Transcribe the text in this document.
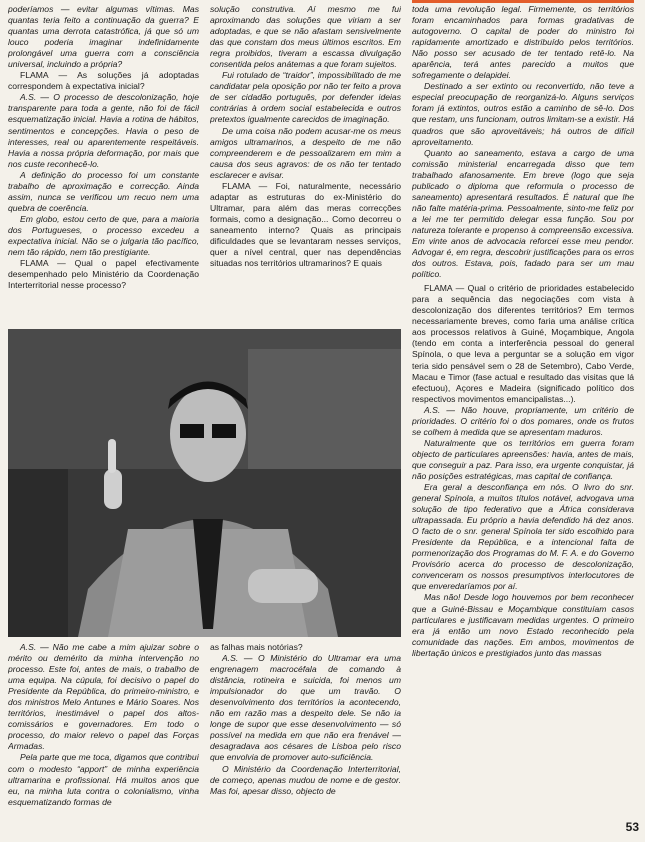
poderíamos — evitar algumas vítimas. Mas quantas teria feito a continuação da guerra? E quantas uma derrota catastrófica, já que só um louco poderia imaginar indefinidamente prolongável uma guerra com a consciência universal, incluindo a própria?

FLAMA — As soluções já adoptadas correspondem à expectativa inicial?

A.S. — O processo de descolonização, hoje transparente para toda a gente, não foi de fácil esquematização inicial. Havia a rotina de hábitos, sentimentos e concepções. Havia o peso de interesses, real ou aparentemente respeitáveis. Havia a nossa própria deformação, por mais que nos custe reconhecê-lo.

A definição do processo foi um constante trabalho de aproximação e correcção. Ainda assim, nunca se verificou um recuo nem uma quebra de coerência.

Em globo, estou certo de que, para a maioria dos Portugueses, o processo excedeu a expectativa inicial. Não se o julgaria tão pacífico, nem tão rápido, nem tão prestigiante.

FLAMA — Qual o papel efectivamente desempenhado pelo Ministério da Coordenação Interterritorial nesse processo?

solução construtiva. Aí mesmo me fui aproximando das soluções que viriam a ser adoptadas, e que se não afastam sensivelmente das que constam dos meus últimos escritos. Em regra proibidos, tiveram a escassa divulgação consentida pelos anátemas a que foram sujeitos.

Fui rotulado de “traidor”, impossibilitado de me candidatar pela oposição por não ter feito a prova de ser cidadão português, por defender ideias contrárias à ordem social estabelecida e outros pretextos igualmente carecidos de imaginação.

De uma coisa não podem acusar-me os meus amigos ultramarinos, a despeito de me não compreenderem e de pessoalizarem em mim a causa dos seus agravos: de os não ter tentado esclarecer e avisar.

FLAMA — Foi, naturalmente, necessário adaptar as estruturas do ex-Ministério do Ultramar, para além das meras correcções formais, como a designação... Como decorreu o saneamento interno? Quais as principais dificuldades que se levantaram nesses serviços, quer a nível central, quer nas dependências situadas nos territórios ultramarinos? E quais

A.S. — Não me cabe a mim ajuizar sobre o mérito ou demérito da minha intervenção no processo. Este foi, antes de mais, o trabalho de uma equipa. Na cúpula, foi decisivo o papel do Presidente da República, do primeiro-ministro, e dos ministros Melo Antunes e Mário Soares. Nos territórios, inestimável o papel dos altos-comissários e governadores. Em todo o processo, do maior relevo o papel das Forças Armadas.

Pela parte que me toca, digamos que contribuí com o modesto “apport” de minha experiência ultramarina e profissional. Há muitos anos que eu, na minha luta contra o colonialismo, vinha esquematizando formas de

as falhas mais notórias?

A.S. — O Ministério do Ultramar era uma engrenagem macrocéfala de comando à distância, rotineira e suicida, foi menos um impulsionador do que um travão. O desenvolvimento dos territórios ia acontecendo, não em razão mas a despeito dele. Se não ia longe de supor que esse desenvolvimento — só possível na medida em que não era frenável — desagradava aos césares de Lisboa pelo risco que envolvia de promover auto-suficiência.

O Ministério da Coordenação Interterritorial, de começo, apenas mudou de nome e de gestor. Mas foi, apesar disso, objecto de

toda uma revolução legal. Firmemente, os territórios foram encaminhados para formas gradativas de autogoverno. O capital de poder do ministro foi rapidamente amortizado e distribuído pelos territórios. Não posso ser acusado de ter tentado retê-lo. Na aparência, terá antes parecido a muitos que sofregamente o delapidei.

Destinado a ser extinto ou reconvertido, não teve a especial preocupação de reorganizá-lo. Alguns serviços foram já extintos, outros estão a caminho de sê-lo. Dos que restam, uns funcionam, outros limitam-se a existir. Há quadros que são aproveitáveis; há outros de difícil aproveitamento.

Quanto ao saneamento, estava a cargo de uma comissão ministerial encarregada disso que tem trabalhado afanosamente. Em breve (logo que seja publicado o diploma que reformula o processo de saneamento) apresentará resultados. É natural que lhe não falte matéria-prima. Pessoalmente, sinto-me feliz por a lei me ter permitido delegar essa função. Sou por natureza tolerante e propenso à compreensão excessiva. Em vinte anos de advocacia reforcei esse meu pendor. Advogar é, em regra, descobrir justificações para os erros dos outros. Estava, pois, fadado para ser um mau político.

FLAMA — Qual o critério de prioridades estabelecido para a sequência das negociações com vista à descolonização dos diferentes territórios? Em termos necessariamente breves, como faria uma análise crítica aos processos relativos à Guiné, Moçambique, Angola (tendo em conta a interferência pessoal do general Spínola, o que leva a perguntar se a solução em vigor teria sido pensável sem o 28 de Setembro), Cabo Verde, Macau e Timor (fase actual e resultado das visitas que lá efectuou), Açores e Madeira (significado político dos respectivos movimentos emancipalistas...).

A.S. — Não houve, propriamente, um critério de prioridades. O critério foi o dos pomares, onde os frutos se colhem à medida que se apresentam maduros.

Naturalmente que os territórios em guerra foram objecto de particulares apreensões: havia, antes de mais, que conseguir a paz. Para isso, era urgente conquistar, já não posições estratégicas, mas capital de confiança.

Era geral a desconfiança em nós. O livro do snr. general Spínola, a muitos títulos notável, advogava uma solução de tipo federativo que a África considerava ultrapassada. Eu próprio a havia defendido há dez anos. O facto de o snr. general Spínola ter sido escolhido para Presidente da República, e a intencional falta de pormenorização dos Programas do M. F. A. e do Governo Provisório acerca do processo de descolonização, convenceram os nossos presumptivos interlocutores de que enveredaríamos por aí.

Mas não! Desde logo houvemos por bem reconhecer que a Guiné-Bissau e Moçambique constituíam casos particulares e justificavam medidas urgentes. O primeiro era já então um novo Estado reconhecido pela comunidade das nações. Em ambos, movimentos de libertação únicos e prestigiados junto das massas

53
